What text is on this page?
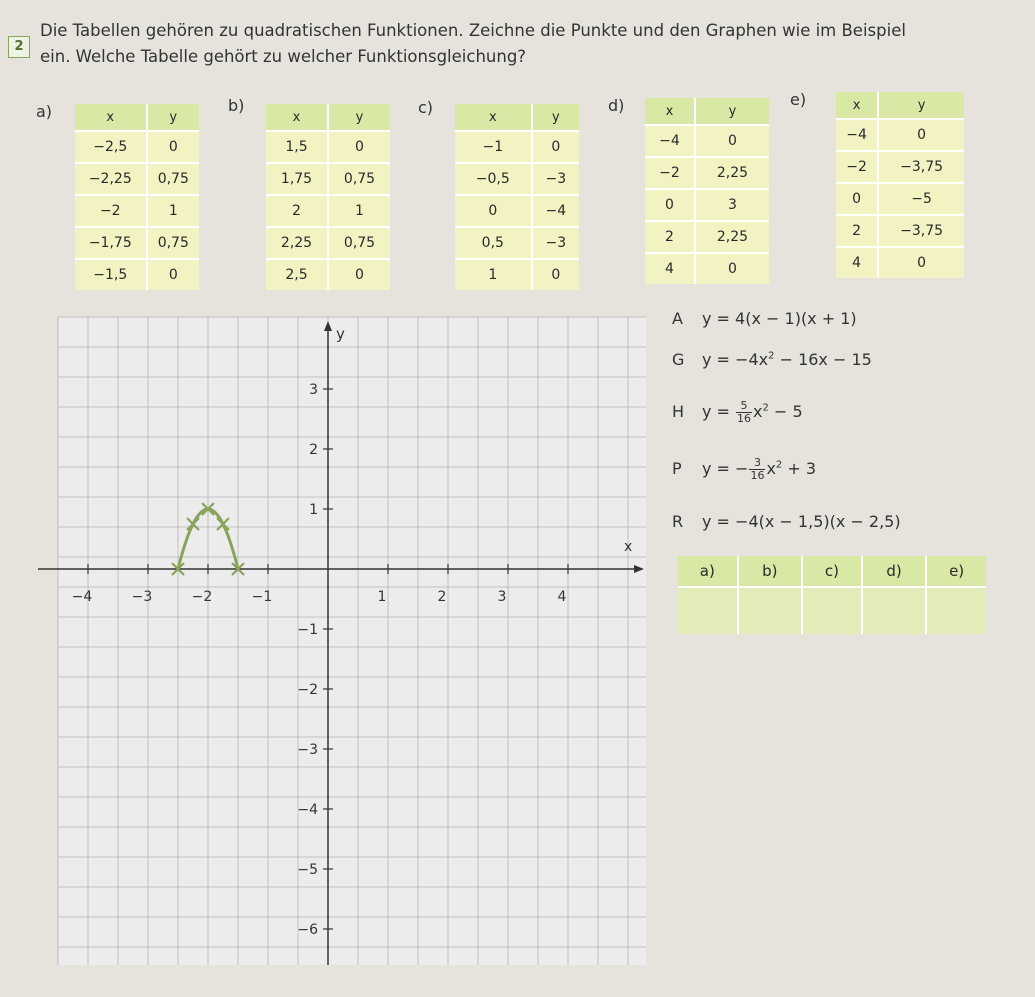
2
Die Tabellen gehören zu quadratischen Funktionen. Zeichne die Punkte und den Graphen wie im Beispiel
ein. Welche Tabelle gehört zu welcher Funktionsgleichung?
a)	x	y
−2,5	0
−2,25	0,75
−2	1
−1,75	0,75
−1,5	0
b)
x	y
1,5	0
1,75	0,75
2	1
2,25	0,75
2,5	0
c)	x	y
−1	0
−0,5	−3
0	−4
0,5	−3
1	0
d)	x	y
−4	0
−2	2,25
0	3
2	2,25
4	0
e)	x	y
−4	0
−2	−3,75
0	−5
2	−3,75
4	0
x
y
−4	−3	−2	−1	1	2	3	4
3
2
1
−1
−2
−3
−4
−5
−6
A y = 4(x − 1)(x + 1)
G $y = -4x^2 - 16x - 15$
H $y = \frac{5}{16} x^2 - 5$
P y = − $\frac{3}{16} x^2 + 3$
R y = −4(x − 1,5)(x − 2,5)
a)	b)	c)	d)	e)
